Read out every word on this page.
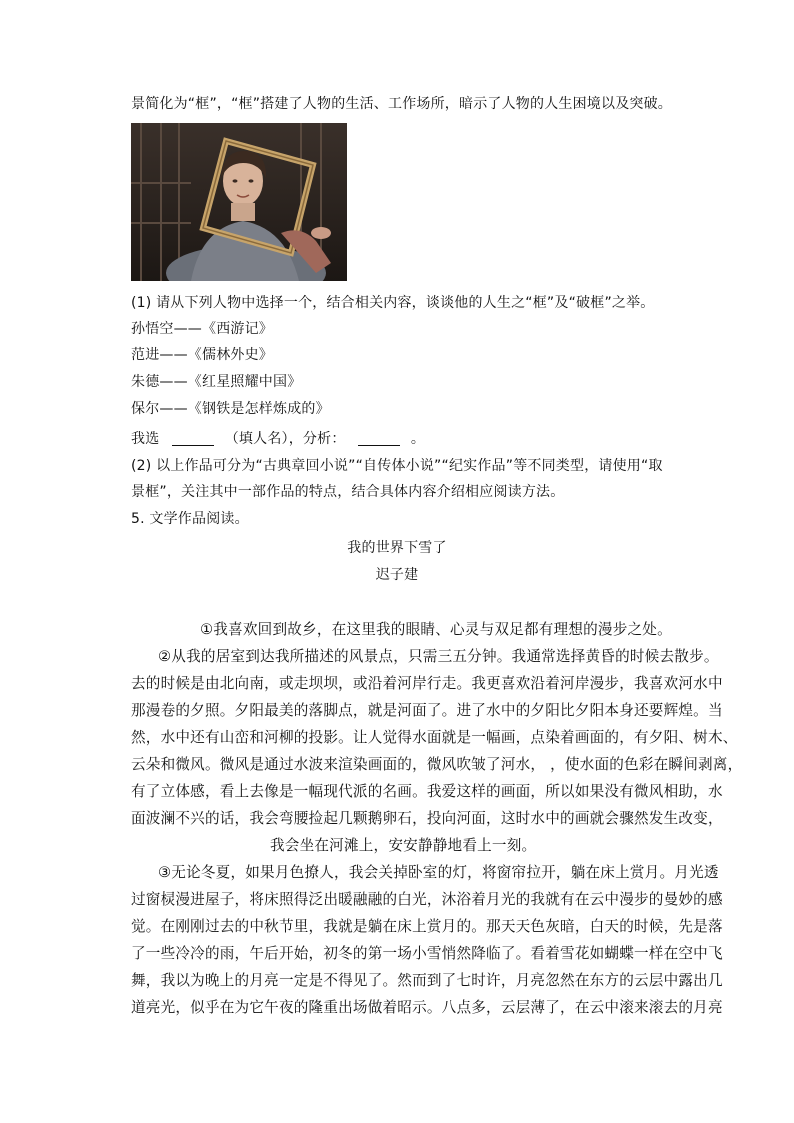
景简化为“框”，“框”搭建了人物的生活、工作场所，暗示了人物的人生困境以及突破。
(1) 请从下列人物中选择一个，结合相关内容，谈谈他的人生之“框”及“破框”之举。
孙悟空——《西游记》
范进——《儒林外史》
朱德——《红星照耀中国》
保尔——《钢铁是怎样炼成的》
我选	（填人名），分析：	。
(2) 以上作品可分为“古典章回小说”“自传体小说”“纪实作品”等不同类型，请使用“取
景框”，关注其中一部作品的特点，结合具体内容介绍相应阅读方法。
5. 文学作品阅读。
我的世界下雪了
迟子建
①我喜欢回到故乡，在这里我的眼睛、心灵与双足都有理想的漫步之处。
②从我的居室到达我所描述的风景点，只需三五分钟。我通常选择黄昏的时候去散步。
去的时候是由北向南，或走坝坝，或沿着河岸行走。我更喜欢沿着河岸漫步，我喜欢河水中
那漫卷的夕照。夕阳最美的落脚点，就是河面了。进了水中的夕阳比夕阳本身还要辉煌。当
然，水中还有山峦和河柳的投影。让人觉得水面就是一幅画，点染着画面的，有夕阳、树木、
云朵和微风。微风是通过水波来渲染画面的，微风吹皱了河水， ，使水面的色彩在瞬间剥离，
有了立体感，看上去像是一幅现代派的名画。我爱这样的画面，所以如果没有微风相助，水
面波澜不兴的话，我会弯腰捡起几颗鹅卵石，投向河面，这时水中的画就会骤然发生改变，
我会坐在河滩上，安安静静地看上一刻。
③无论冬夏，如果月色撩人，我会关掉卧室的灯，将窗帘拉开，躺在床上赏月。月光透
过窗棂漫进屋子，将床照得泛出暖融融的白光，沐浴着月光的我就有在云中漫步的曼妙的感
觉。在刚刚过去的中秋节里，我就是躺在床上赏月的。那天天色灰暗，白天的时候，先是落
了一些冷冷的雨，午后开始，初冬的第一场小雪悄然降临了。看着雪花如蝴蝶一样在空中飞
舞，我以为晚上的月亮一定是不得见了。然而到了七时许，月亮忽然在东方的云层中露出几
道亮光，似乎在为它午夜的隆重出场做着昭示。八点多，云层薄了，在云中滚来滚去的月亮
